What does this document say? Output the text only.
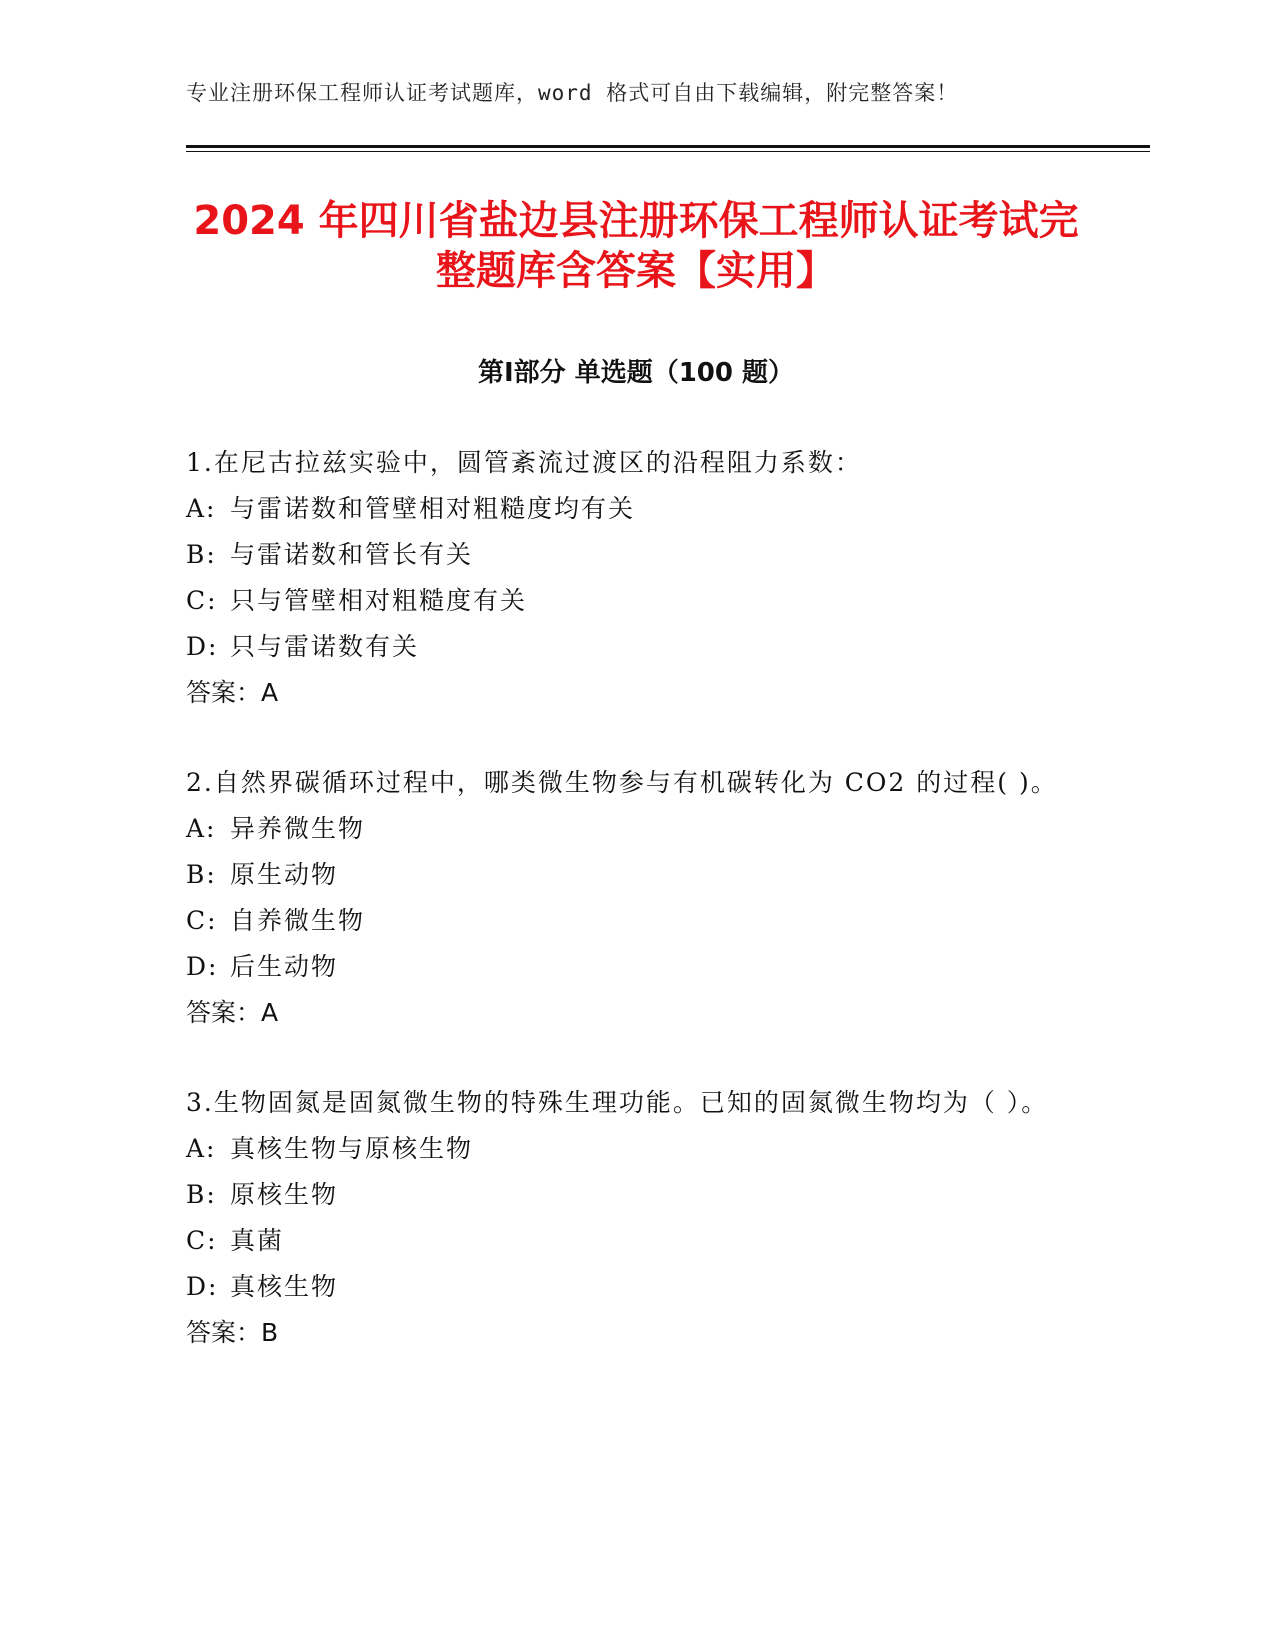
专业注册环保工程师认证考试题库，word 格式可自由下载编辑，附完整答案！
2024 年四川省盐边县注册环保工程师认证考试完整题库含答案【实用】
第Ⅰ部分 单选题（100 题）
1.在尼古拉兹实验中，圆管紊流过渡区的沿程阻力系数：
A: 与雷诺数和管壁相对粗糙度均有关
B: 与雷诺数和管长有关
C: 只与管壁相对粗糙度有关
D: 只与雷诺数有关
答案：A
2.自然界碳循环过程中，哪类微生物参与有机碳转化为 CO2 的过程( )。
A: 异养微生物
B: 原生动物
C: 自养微生物
D: 后生动物
答案：A
3.生物固氮是固氮微生物的特殊生理功能。已知的固氮微生物均为（ ）。
A: 真核生物与原核生物
B: 原核生物
C: 真菌
D: 真核生物
答案：B
